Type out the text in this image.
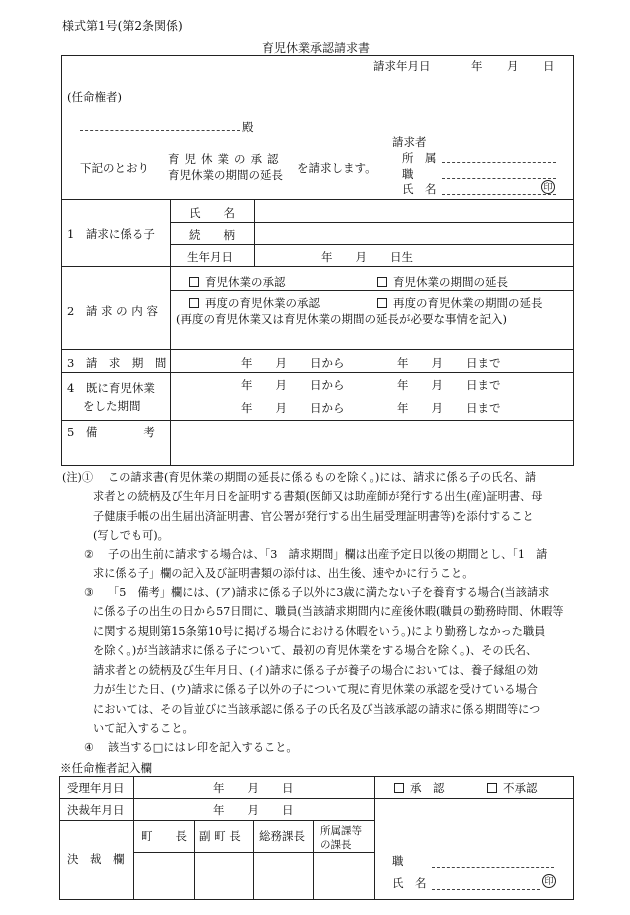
様式第1号(第2条関係)
育児休業承認請求書
請求年月日	年 月 日
(任命権者)
殿
下記のとおり
育児休業の承認
育児休業の期間の延長 を請求します。
請求者
所　属
職
氏　名	印
1　請求に係る子
氏　　名
続　　柄
生年月日	年　　月　　日生
2　請 求 の 内 容
育児休業の承認	育児休業の期間の延長
再度の育児休業の承認	再度の育児休業の期間の延長
(再度の育児休業又は育児休業の期間の延長が必要な事情を記入)
3　請　求　期　間	年　　月　　日から	年　　月　　日まで
4　既に育児休業
をした期間
年　　月　　日から	年　　月　　日まで
年　　月　　日から	年　　月　　日まで
5　備　　　　考
(注)① この請求書(育児休業の期間の延長に係るものを除く。)には、請求に係る子の氏名、請

求者との続柄及び生年月日を証明する書類(医師又は助産師が発行する出生(産)証明書、母

子健康手帳の出生届出済証明書、官公署が発行する出生届受理証明書等)を添付すること

(写しでも可)。

② 子の出生前に請求する場合は、「3　請求期間」欄は出産予定日以後の期間とし、「1　請

求に係る子」欄の記入及び証明書類の添付は、出生後、速やかに行うこと。

③ 「5　備考」欄には、(ア)請求に係る子以外に3歳に満たない子を養育する場合(当該請求

に係る子の出生の日から57日間に、職員(当該請求期間内に産後休暇(職員の勤務時間、休暇等

に関する規則第15条第10号に掲げる場合における休暇をいう。)により勤務しなかった職員

を除く。)が当該請求に係る子について、最初の育児休業をする場合を除く。)、その氏名、

請求者との続柄及び生年月日、(イ)請求に係る子が養子の場合においては、養子縁組の効

力が生じた日、(ウ)請求に係る子以外の子について現に育児休業の承認を受けている場合

においては、その旨並びに当該承認に係る子の氏名及び当該承認の請求に係る期間等につ

いて記入すること。

④ 該当する□にはレ印を記入すること。

※任命権者記入欄
受理年月日	年　　月　　日
決裁年月日	年　　月　　日
承　認	不承認
決　裁　欄
町　　長 副 町 長 総務課長 所属課等
の課長
職
氏　名	印
